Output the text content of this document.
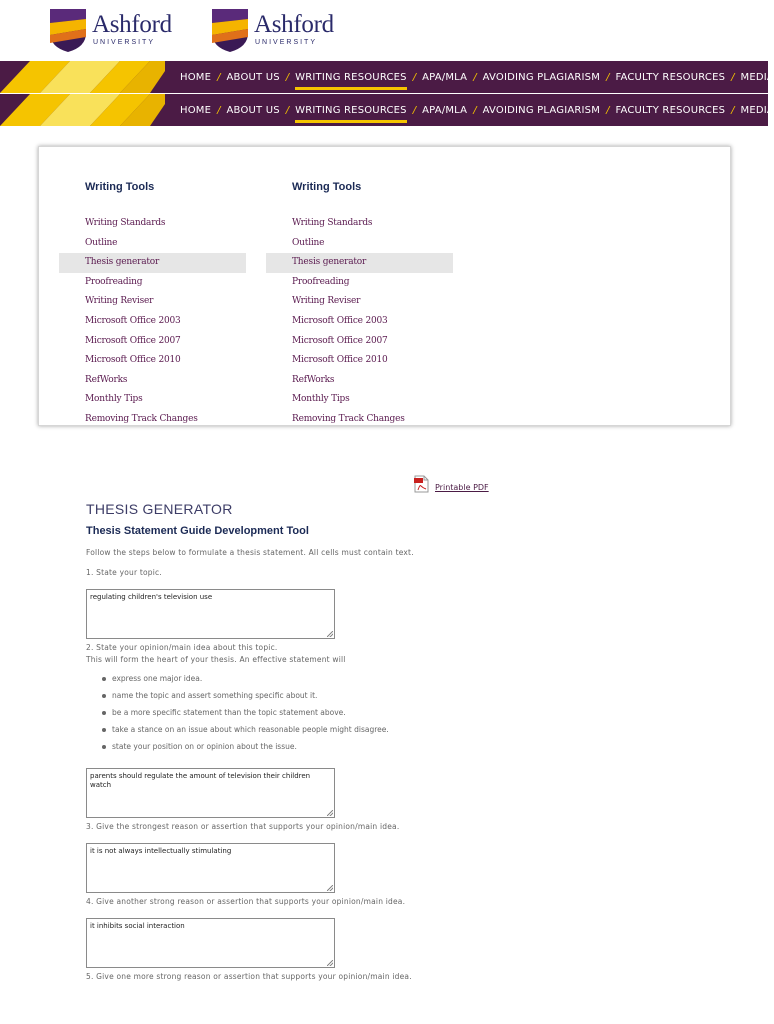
Ashford
UNIVERSITY
Ashford
UNIVERSITY
HOME / ABOUT US / WRITING RESOURCES / APA/MLA / AVOIDING PLAGIARISM / FACULTY RESOURCES / MEDIA
HOME / ABOUT US / WRITING RESOURCES / APA/MLA / AVOIDING PLAGIARISM / FACULTY RESOURCES / MEDIA
Writing Tools
Writing Standards
Outline
Thesis generator
Proofreading
Writing Reviser
Microsoft Office 2003
Microsoft Office 2007
Microsoft Office 2010
RefWorks
Monthly Tips
Removing Track Changes
Writing Tools
Writing Standards
Outline
Thesis generator
Proofreading
Writing Reviser
Microsoft Office 2003
Microsoft Office 2007
Microsoft Office 2010
RefWorks
Monthly Tips
Removing Track Changes
Printable PDF
THESIS GENERATOR
Thesis Statement Guide Development Tool
Follow the steps below to formulate a thesis statement. All cells must contain text.
1. State your topic.
regulating children's television use
2. State your opinion/main idea about this topic.
This will form the heart of your thesis. An effective statement will
express one major idea.
name the topic and assert something specific about it.
be a more specific statement than the topic statement above.
take a stance on an issue about which reasonable people might disagree.
state your position on or opinion about the issue.
parents should regulate the amount of television their children watch
3. Give the strongest reason or assertion that supports your opinion/main idea.
it is not always intellectually stimulating
4. Give another strong reason or assertion that supports your opinion/main idea.
it inhibits social interaction
5. Give one more strong reason or assertion that supports your opinion/main idea.
